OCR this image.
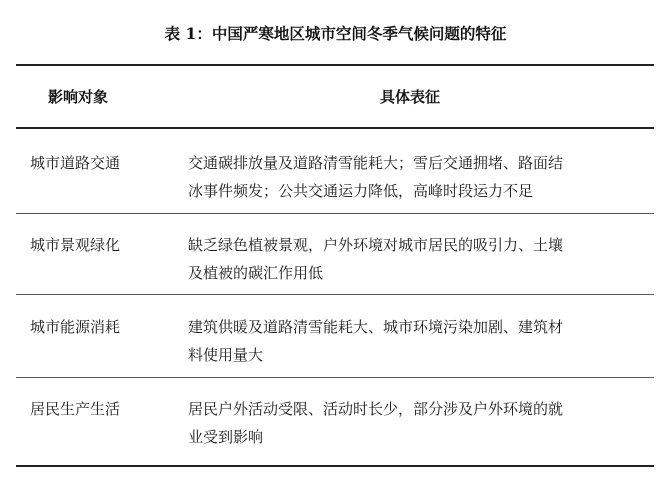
表 1：中国严寒地区城市空间冬季气候问题的特征
影响对象	具体表征
城市道路交通	交通碳排放量及道路清雪能耗大；雪后交通拥堵、路面结
冰事件频发；公共交通运力降低，高峰时段运力不足
城市景观绿化	缺乏绿色植被景观，户外环境对城市居民的吸引力、土壤
及植被的碳汇作用低
城市能源消耗	建筑供暖及道路清雪能耗大、城市环境污染加剧、建筑材
料使用量大
居民生产生活	居民户外活动受限、活动时长少，部分涉及户外环境的就
业受到影响
